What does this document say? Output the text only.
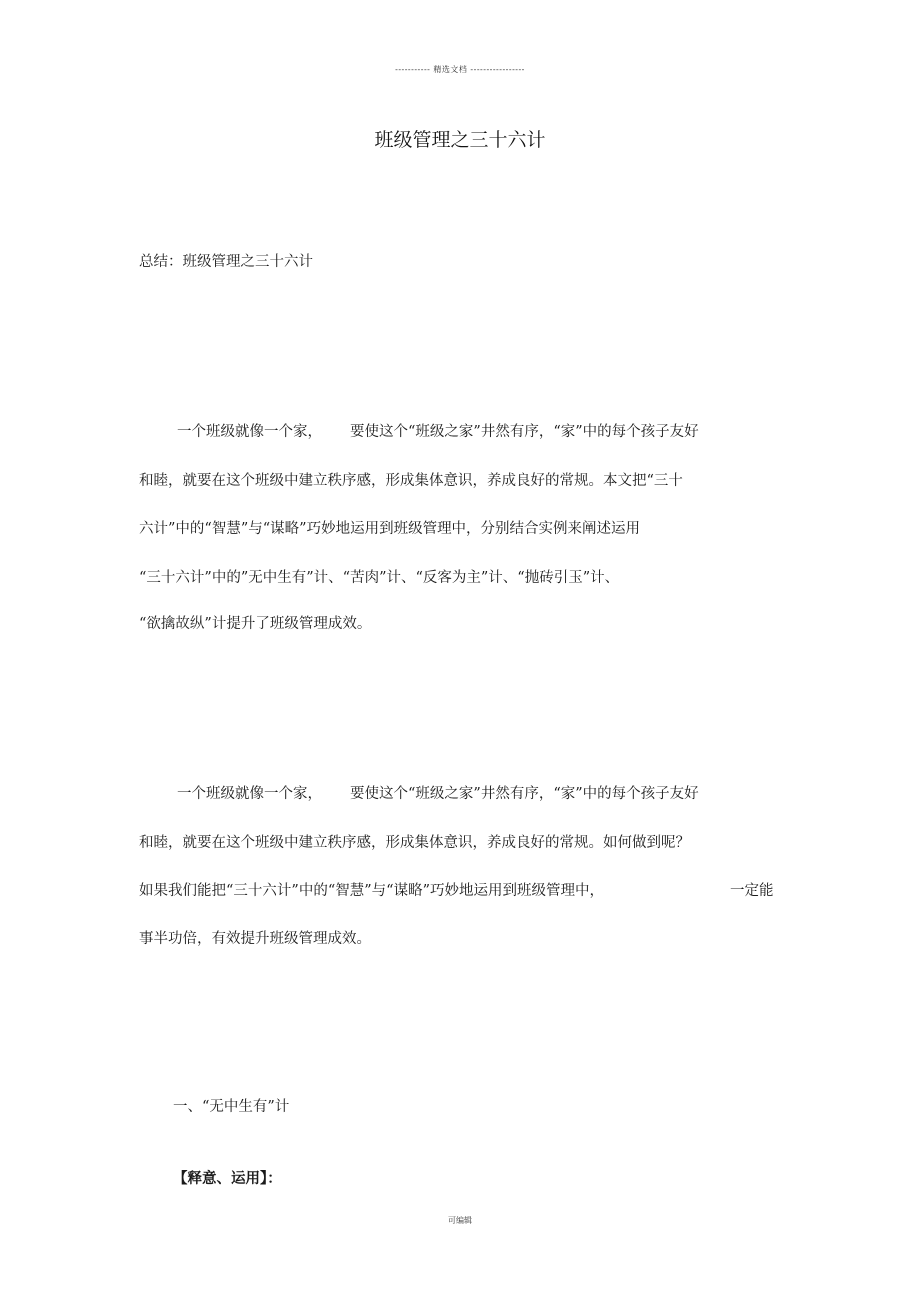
----------- 精选文档 -----------------
班级管理之三十六计
总结：班级管理之三十六计
一个班级就像一个家， 要使这个“班级之家”井然有序，“家”中的每个孩子友好
和睦，就要在这个班级中建立秩序感，形成集体意识，养成良好的常规。本文把“三十
六计”中的“智慧”与“谋略”巧妙地运用到班级管理中，分别结合实例来阐述运用
“三十六计”中的”无中生有”计、“苦肉”计、“反客为主”计、“抛砖引玉”计、
“欲擒故纵”计提升了班级管理成效。
一个班级就像一个家， 要使这个“班级之家”井然有序，“家”中的每个孩子友好
和睦，就要在这个班级中建立秩序感，形成集体意识，养成良好的常规。如何做到呢？
如果我们能把“三十六计”中的“智慧”与“谋略”巧妙地运用到班级管理中，	一定能
事半功倍，有效提升班级管理成效。
一、“无中生有”计
【释意、运用】：
可编辑
